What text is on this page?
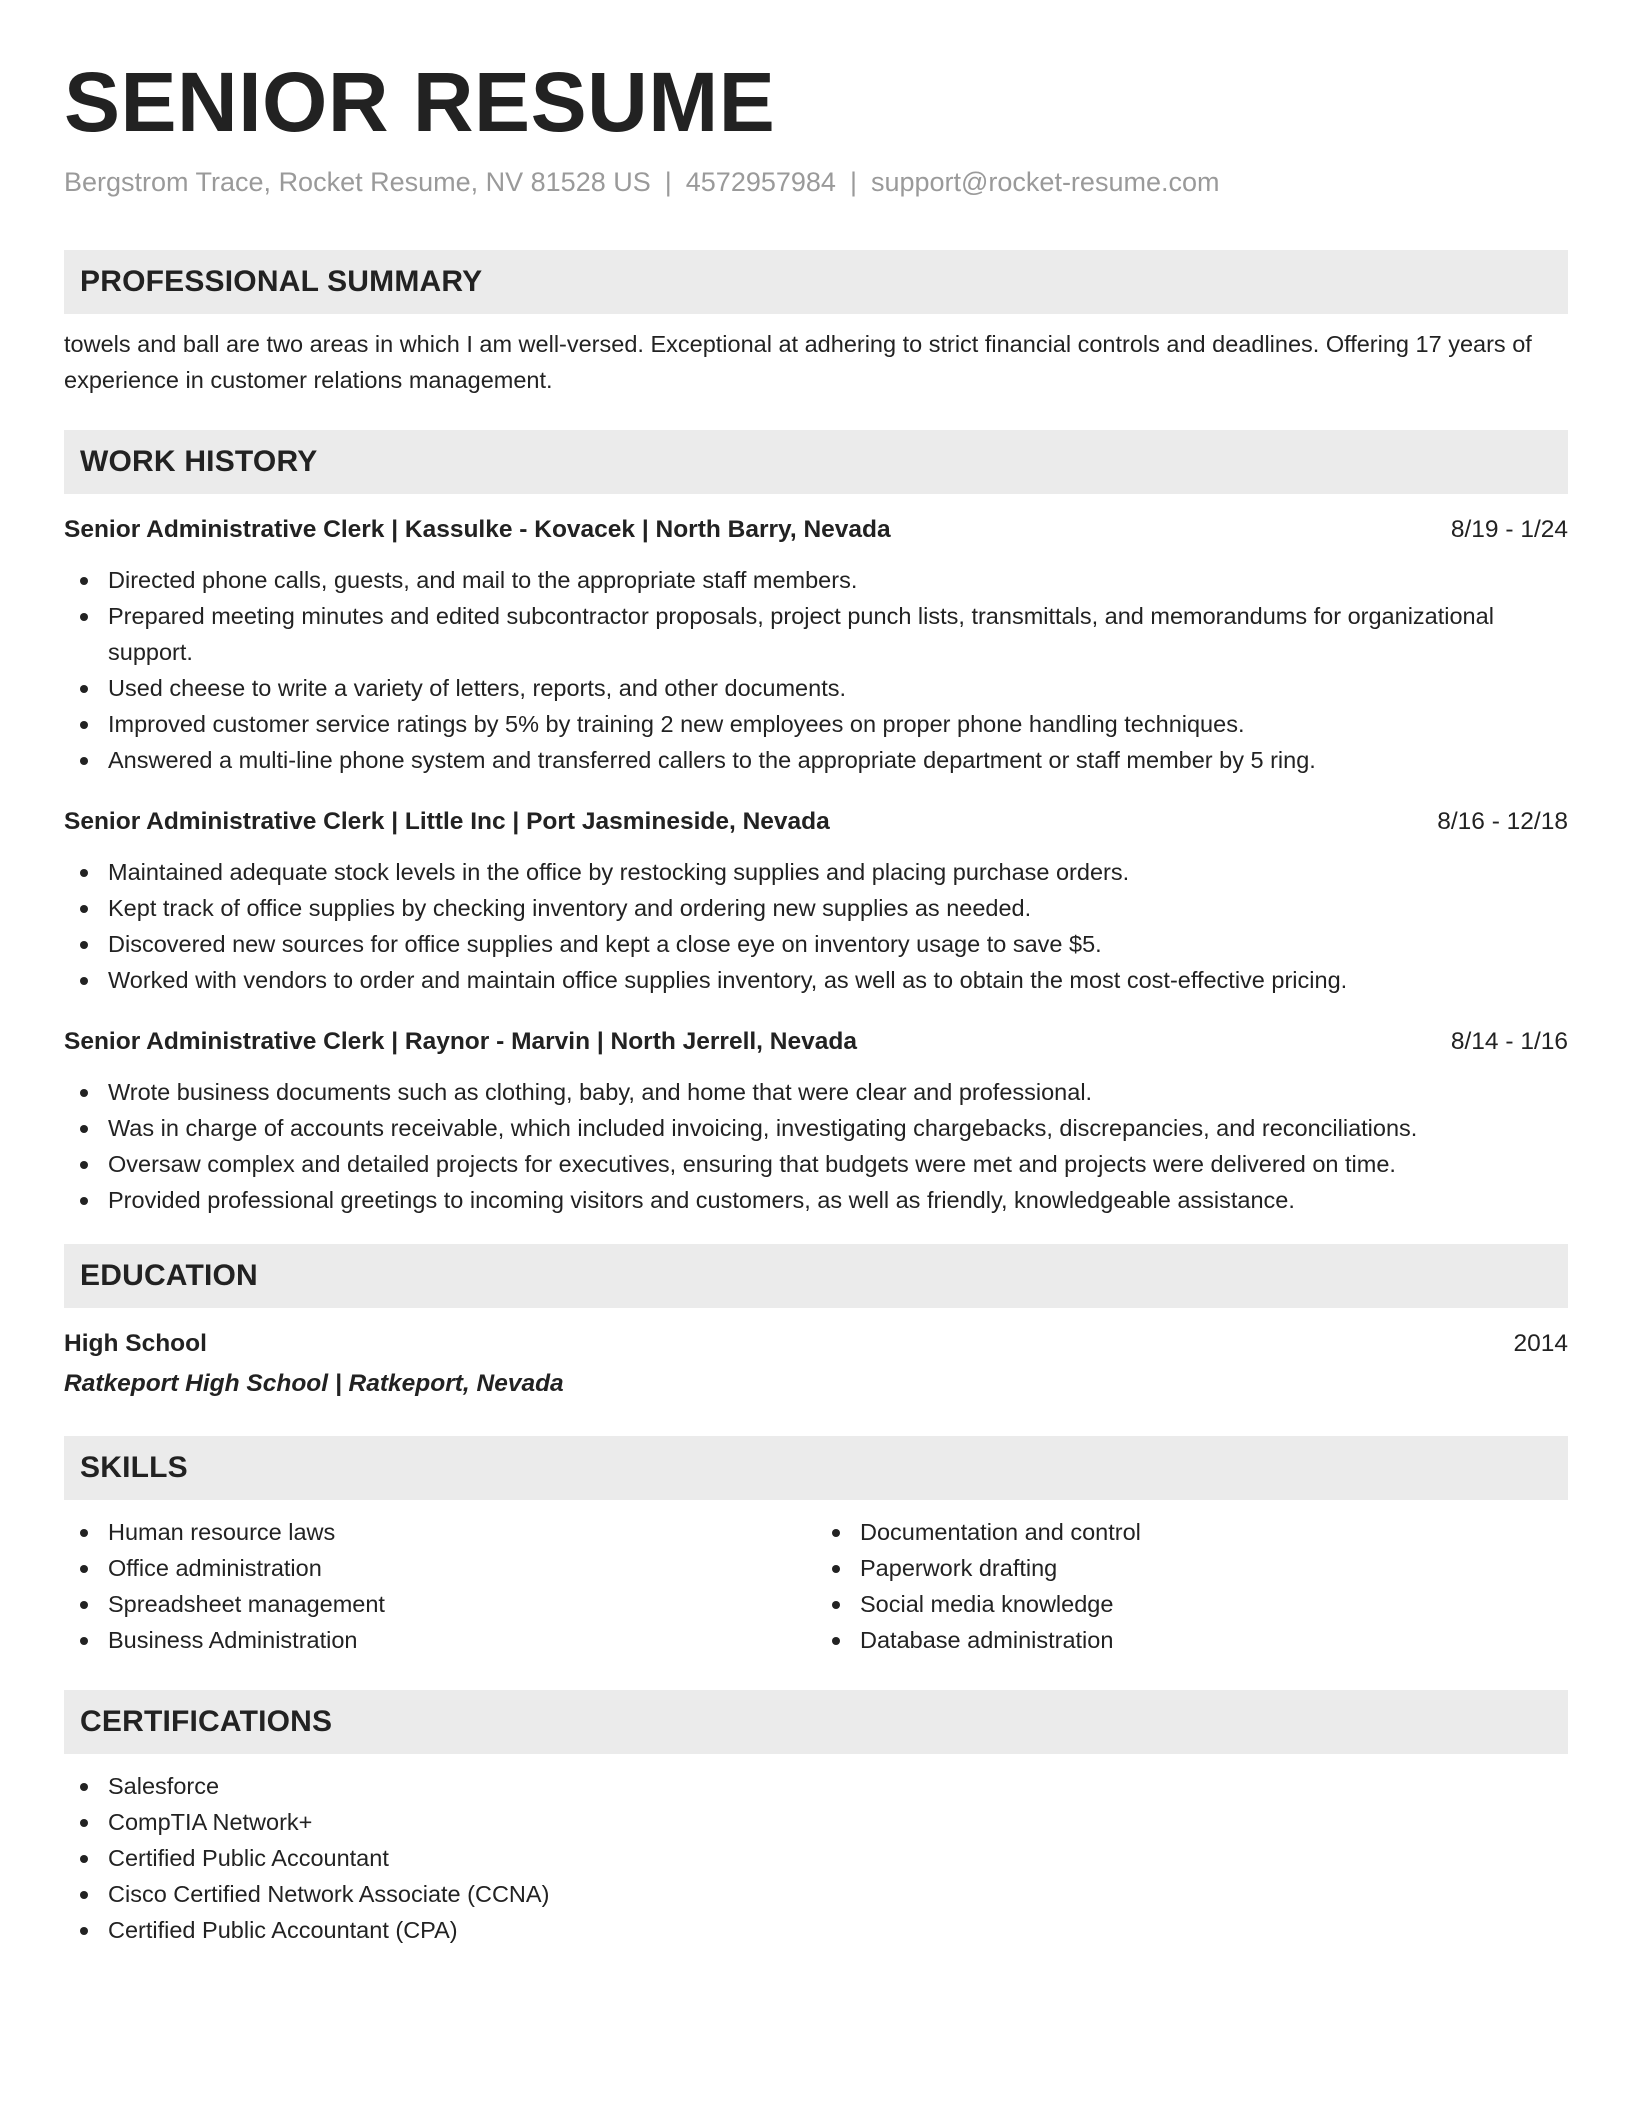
SENIOR RESUME
Bergstrom Trace, Rocket Resume, NV 81528 US | 4572957984 | support@rocket-resume.com
PROFESSIONAL SUMMARY
towels and ball are two areas in which I am well-versed. Exceptional at adhering to strict financial controls and deadlines. Offering 17 years of experience in customer relations management.
WORK HISTORY
Senior Administrative Clerk | Kassulke - Kovacek | North Barry, Nevada	8/19 - 1/24
Directed phone calls, guests, and mail to the appropriate staff members.
Prepared meeting minutes and edited subcontractor proposals, project punch lists, transmittals, and memorandums for organizational support.
Used cheese to write a variety of letters, reports, and other documents.
Improved customer service ratings by 5% by training 2 new employees on proper phone handling techniques.
Answered a multi-line phone system and transferred callers to the appropriate department or staff member by 5 ring.
Senior Administrative Clerk | Little Inc | Port Jasmineside, Nevada	8/16 - 12/18
Maintained adequate stock levels in the office by restocking supplies and placing purchase orders.
Kept track of office supplies by checking inventory and ordering new supplies as needed.
Discovered new sources for office supplies and kept a close eye on inventory usage to save $5.
Worked with vendors to order and maintain office supplies inventory, as well as to obtain the most cost-effective pricing.
Senior Administrative Clerk | Raynor - Marvin | North Jerrell, Nevada	8/14 - 1/16
Wrote business documents such as clothing, baby, and home that were clear and professional.
Was in charge of accounts receivable, which included invoicing, investigating chargebacks, discrepancies, and reconciliations.
Oversaw complex and detailed projects for executives, ensuring that budgets were met and projects were delivered on time.
Provided professional greetings to incoming visitors and customers, as well as friendly, knowledgeable assistance.
EDUCATION
High School	2014
Ratkeport High School | Ratkeport, Nevada
SKILLS
Human resource laws
Office administration
Spreadsheet management
Business Administration
Documentation and control
Paperwork drafting
Social media knowledge
Database administration
CERTIFICATIONS
Salesforce
CompTIA Network+
Certified Public Accountant
Cisco Certified Network Associate (CCNA)
Certified Public Accountant (CPA)
